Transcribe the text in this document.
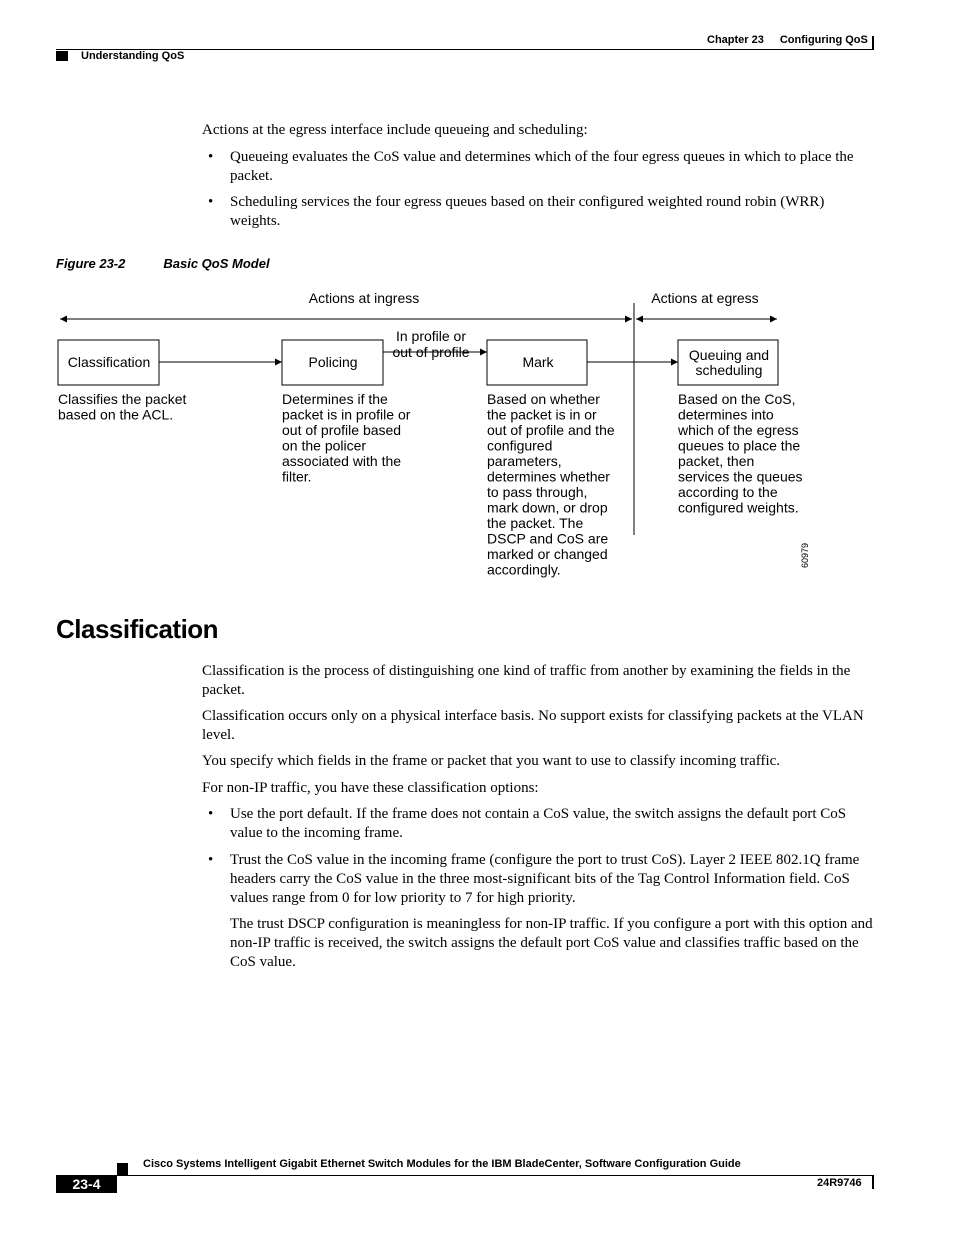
Chapter 23 Configuring QoS
Understanding QoS
Actions at the egress interface include queueing and scheduling:
• Queueing evaluates the CoS value and determines which of the four egress queues in which to place the packet.
• Scheduling services the four egress queues based on their configured weighted round robin (WRR) weights.
Figure 23-2	Basic QoS Model
Actions at ingress	Actions at egress
Classification	Policing	Mark	Queuing and
scheduling
In profile or
out of profile
Classifies the packet
based on the ACL.
Determines if the
packet is in profile or
out of profile based
on the policer
associated with the
filter.
Based on whether
the packet is in or
out of profile and the
configured
parameters,
determines whether
to pass through,
mark down, or drop
the packet. The
DSCP and CoS are
marked or changed
accordingly.
Based on the CoS,
determines into
which of the egress
queues to place the
packet, then
services the queues
according to the
configured weights.
60979
Classification
Classification is the process of distinguishing one kind of traffic from another by examining the fields in the packet.
Classification occurs only on a physical interface basis. No support exists for classifying packets at the VLAN level.
You specify which fields in the frame or packet that you want to use to classify incoming traffic.
For non-IP traffic, you have these classification options:
• Use the port default. If the frame does not contain a CoS value, the switch assigns the default port CoS value to the incoming frame.
• Trust the CoS value in the incoming frame (configure the port to trust CoS). Layer 2 IEEE 802.1Q frame headers carry the CoS value in the three most-significant bits of the Tag Control Information field. CoS values range from 0 for low priority to 7 for high priority.
The trust DSCP configuration is meaningless for non-IP traffic. If you configure a port with this option and non-IP traffic is received, the switch assigns the default port CoS value and classifies traffic based on the CoS value.
Cisco Systems Intelligent Gigabit Ethernet Switch Modules for the IBM BladeCenter, Software Configuration Guide
23-4	24R9746
